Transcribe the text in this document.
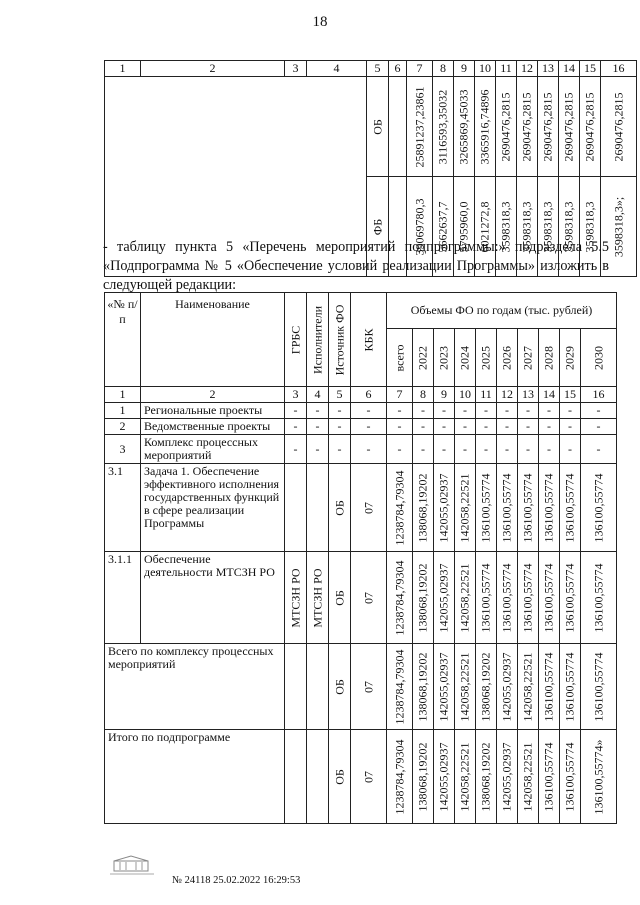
18
1	2	3	4	5	6	7	8	9	10	11	12	13	14	15	16

				ОБ		25891237,23861	3116593,35032	3265869,45033	3365916,74896	2690476,2815	2690476,2815	2690476,2815	2690476,2815	2690476,2815	2690476,2815

				ФБ		39069780,3	5662637,7	5795960,0	6021272,8	3598318,3	3598318,3	3598318,3	3598318,3	3598318,3	3598318,3»;
- таблицу пункта 5 «Перечень мероприятий подпрограммы:» подраздела 5.5 «Подпрограмма № 5 «Обеспечение условий реализации Программы» изложить в следующей редакции:
«№ п/п	Наименование	ГРБС	Исполнители	Источник ФО	КБК	Объемы ФО по годам (тыс. рублей)									

						всего	2022	2023	2024	2025	2026	2027	2028	2029	2030

1	2	3	4	5	6	7	8	9	10	11	12	13	14	15	16
1	Региональные проекты	-	-	-	-	-	-	-	-	-	-	-	-	-	-
2	Ведомственные проекты	-	-	-	-	-	-	-	-	-	-	-	-	-	-
3	Комплекс процессных мероприятий	-	-	-	-	-	-	-	-	-	-	-	-	-	-
3.1	Задача 1. Обеспечение эффективного исполнения государственных функций в сфере реализации Программы			ОБ	07	1238784,79304	138068,19202	142055,02937	142058,22521	136100,55774	136100,55774	136100,55774	136100,55774	136100,55774	136100,55774

3.1.1	Обеспечение деятельности МТСЗН РО	МТСЗН РО	МТСЗН РО	ОБ	07	1238784,79304	138068,19202	142055,02937	142058,22521	136100,55774	136100,55774	136100,55774	136100,55774	136100,55774	136100,55774

Всего по комплексу процессных мероприятий				ОБ	07	1238784,79304	138068,19202	142055,02937	142058,22521	138068,19202	142055,02937	142058,22521	136100,55774	136100,55774	136100,55774

Итого по подпрограмме				ОБ	07	1238784,79304	138068,19202	142055,02937	142058,22521	138068,19202	142055,02937	142058,22521	136100,55774	136100,55774	136100,55774»
№ 24118 25.02.2022 16:29:53
